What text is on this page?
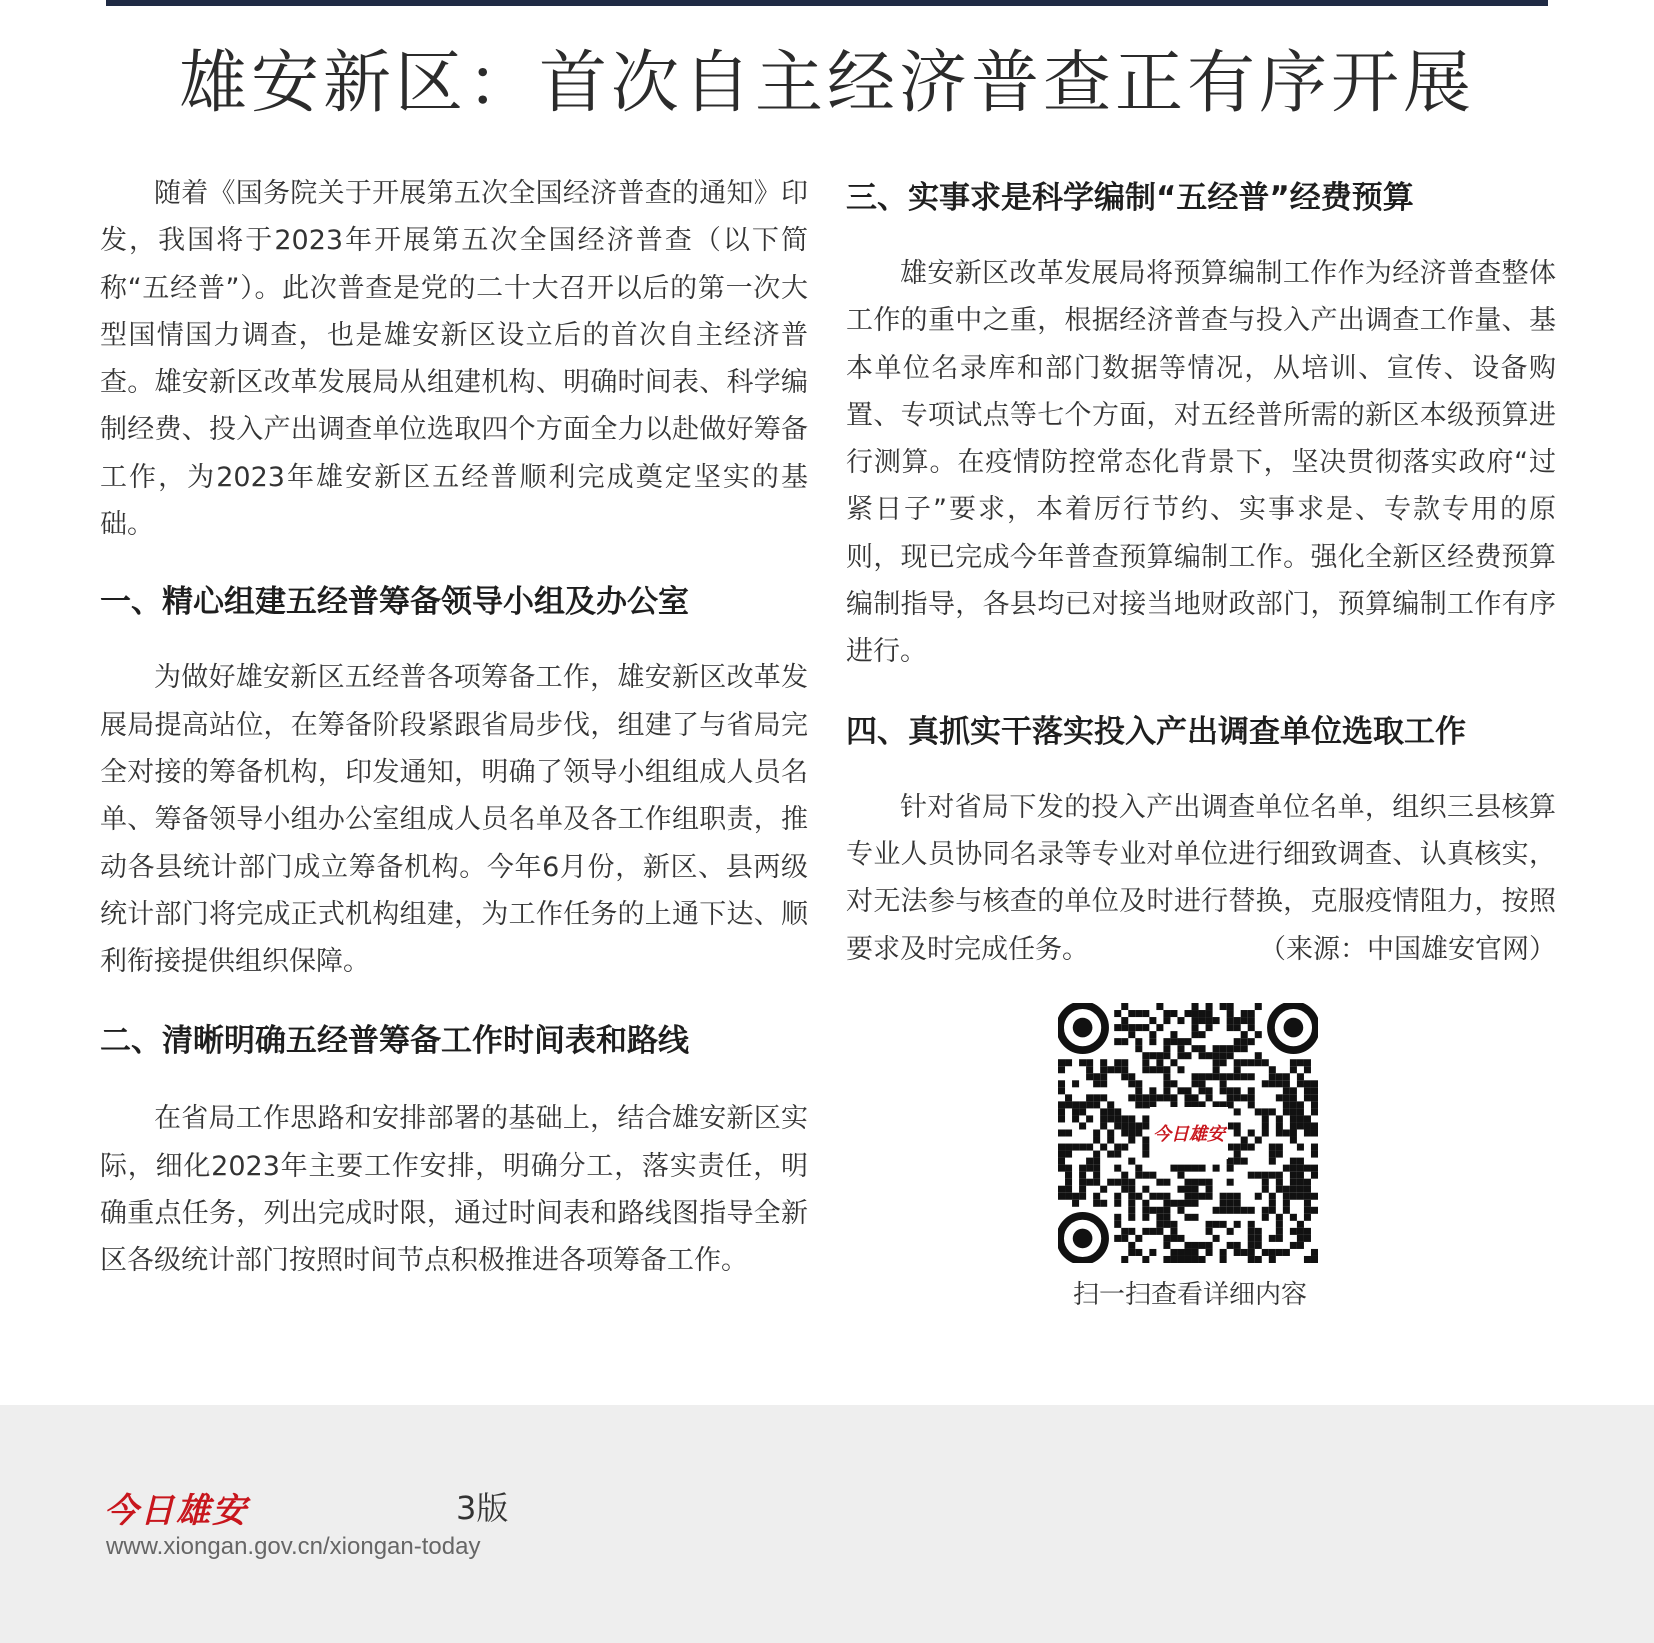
雄安新区：首次自主经济普查正有序开展

随着《国务院关于开展第五次全国经济普查的通知》印发，我国将于2023年开展第五次全国经济普查（以下简称“五经普”）。此次普查是党的二十大召开以后的第一次大型国情国力调查，也是雄安新区设立后的首次自主经济普查。雄安新区改革发展局从组建机构、明确时间表、科学编制经费、投入产出调查单位选取四个方面全力以赴做好筹备工作，为2023年雄安新区五经普顺利完成奠定坚实的基础。

一、精心组建五经普筹备领导小组及办公室

为做好雄安新区五经普各项筹备工作，雄安新区改革发展局提高站位，在筹备阶段紧跟省局步伐，组建了与省局完全对接的筹备机构，印发通知，明确了领导小组组成人员名单、筹备领导小组办公室组成人员名单及各工作组职责，推动各县统计部门成立筹备机构。今年6月份，新区、县两级统计部门将完成正式机构组建，为工作任务的上通下达、顺利衔接提供组织保障。

二、清晰明确五经普筹备工作时间表和路线

在省局工作思路和安排部署的基础上，结合雄安新区实际，细化2023年主要工作安排，明确分工，落实责任，明确重点任务，列出完成时限，通过时间表和路线图指导全新区各级统计部门按照时间节点积极推进各项筹备工作。

三、实事求是科学编制“五经普”经费预算

雄安新区改革发展局将预算编制工作作为经济普查整体工作的重中之重，根据经济普查与投入产出调查工作量、基本单位名录库和部门数据等情况，从培训、宣传、设备购置、专项试点等七个方面，对五经普所需的新区本级预算进行测算。在疫情防控常态化背景下，坚决贯彻落实政府“过紧日子”要求，本着厉行节约、实事求是、专款专用的原则，现已完成今年普查预算编制工作。强化全新区经费预算编制指导，各县均已对接当地财政部门，预算编制工作有序进行。

四、真抓实干落实投入产出调查单位选取工作

针对省局下发的投入产出调查单位名单，组织三县核算专业人员协同名录等专业对单位进行细致调查、认真核实，对无法参与核查的单位及时进行替换，克服疫情阻力，按照要求及时完成任务。	（来源：中国雄安官网）

今日雄安
扫一扫查看详细内容
今日雄安	3版
www.xiongan.gov.cn/xiongan-today
